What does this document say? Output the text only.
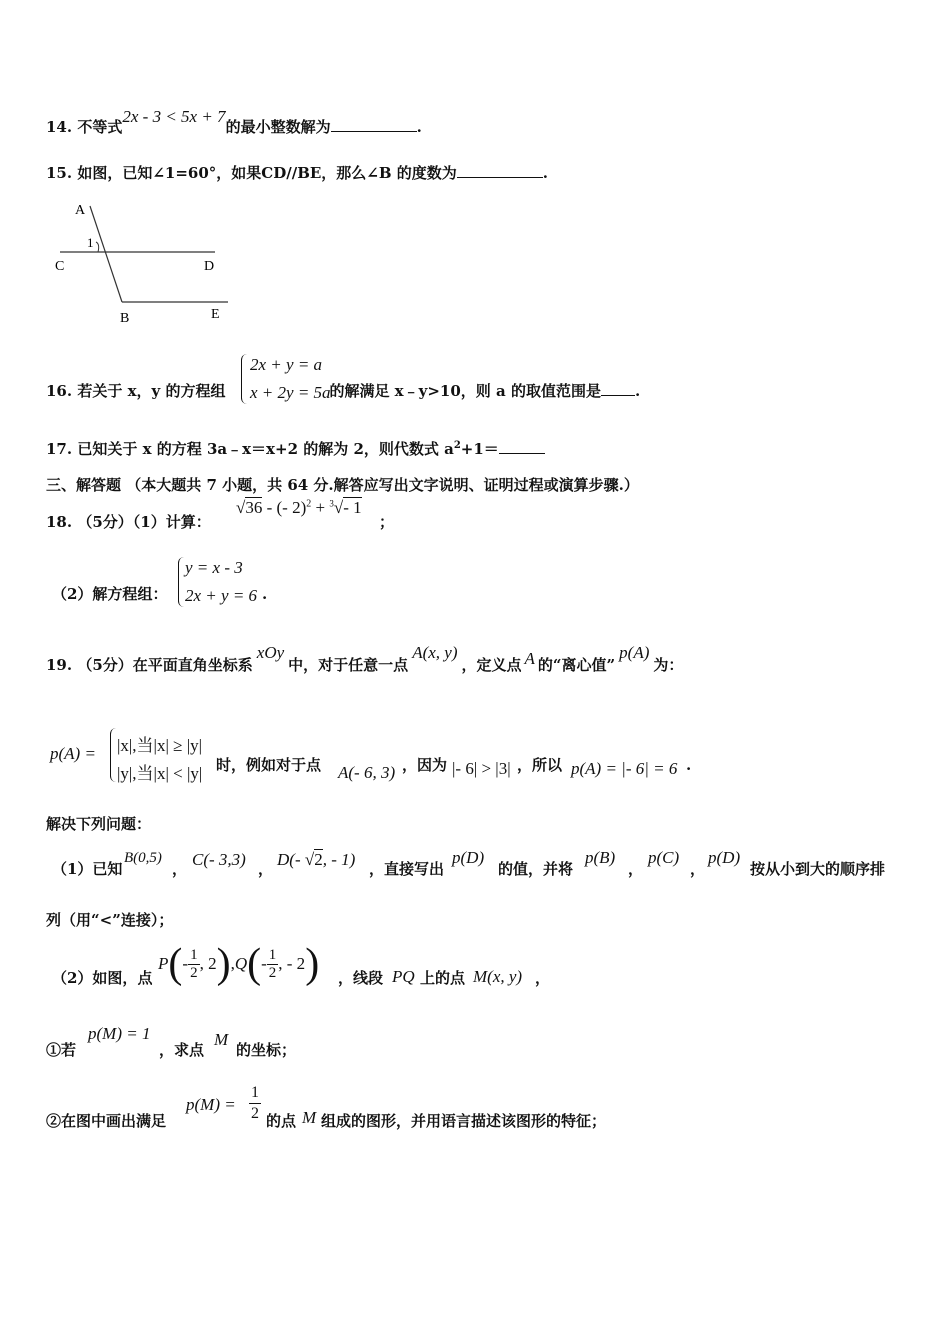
14. 不等式2x - 3 < 5x + 7的最小整数解为	.
15. 如图，已知∠1=60°，如果CD//BE，那么∠B 的度数为	.
A
1
C	D
B	E
16. 若关于 x，y 的方程组	的解满足 x﹣y>10，则 a 的取值范围是 .
2x + y = a
x + 2y = 5a
17. 已知关于 x 的方程 3a﹣x＝x+2 的解为 2，则代数式 $a^2+1=$
三、解答题 （本大题共 7 小题，共 64 分.解答应写出文字说明、证明过程或演算步骤.）
18. （5分）（1）计算：
√36 - (- 2)$^2$ + $^3$√- 1
；
（2）解方程组：
y = x - 3
2x + y = 6 .
19. （5分）在平面直角坐标系xOy中，对于任意一点A(x, y)，定义点 A 的“离心值”p(A)为：
p(A) = |x|,当|x| ≥ |y|
|y|,当|x| < |y| 时，例如对于点 A(- 6, 3) ，因为 |- 6| > |3| ，所以 p(A) = |- 6| = 6 .
解决下列问题：
（1）已知
B(0,5)
， C(- 3,3) ， D(- √2, - 1) ，直接写出
p(D)
的值，并将
p(B)
，
p(C)
，
p(D)
按从小到大的顺序排
列（用“<”连接）；
（2）如图，点
$P(- \frac{1}{2}$ , $2),Q(- \frac{1}{2}$ , - 2) ，线段 PQ 上的点 M(x, y) ，
①若
p(M) = 1
，求点
M
的坐标；
②在图中画出满足
$p(M) = \frac{1}{2}$ 的点 M 组成的图形，并用语言描述该图形的特征；
